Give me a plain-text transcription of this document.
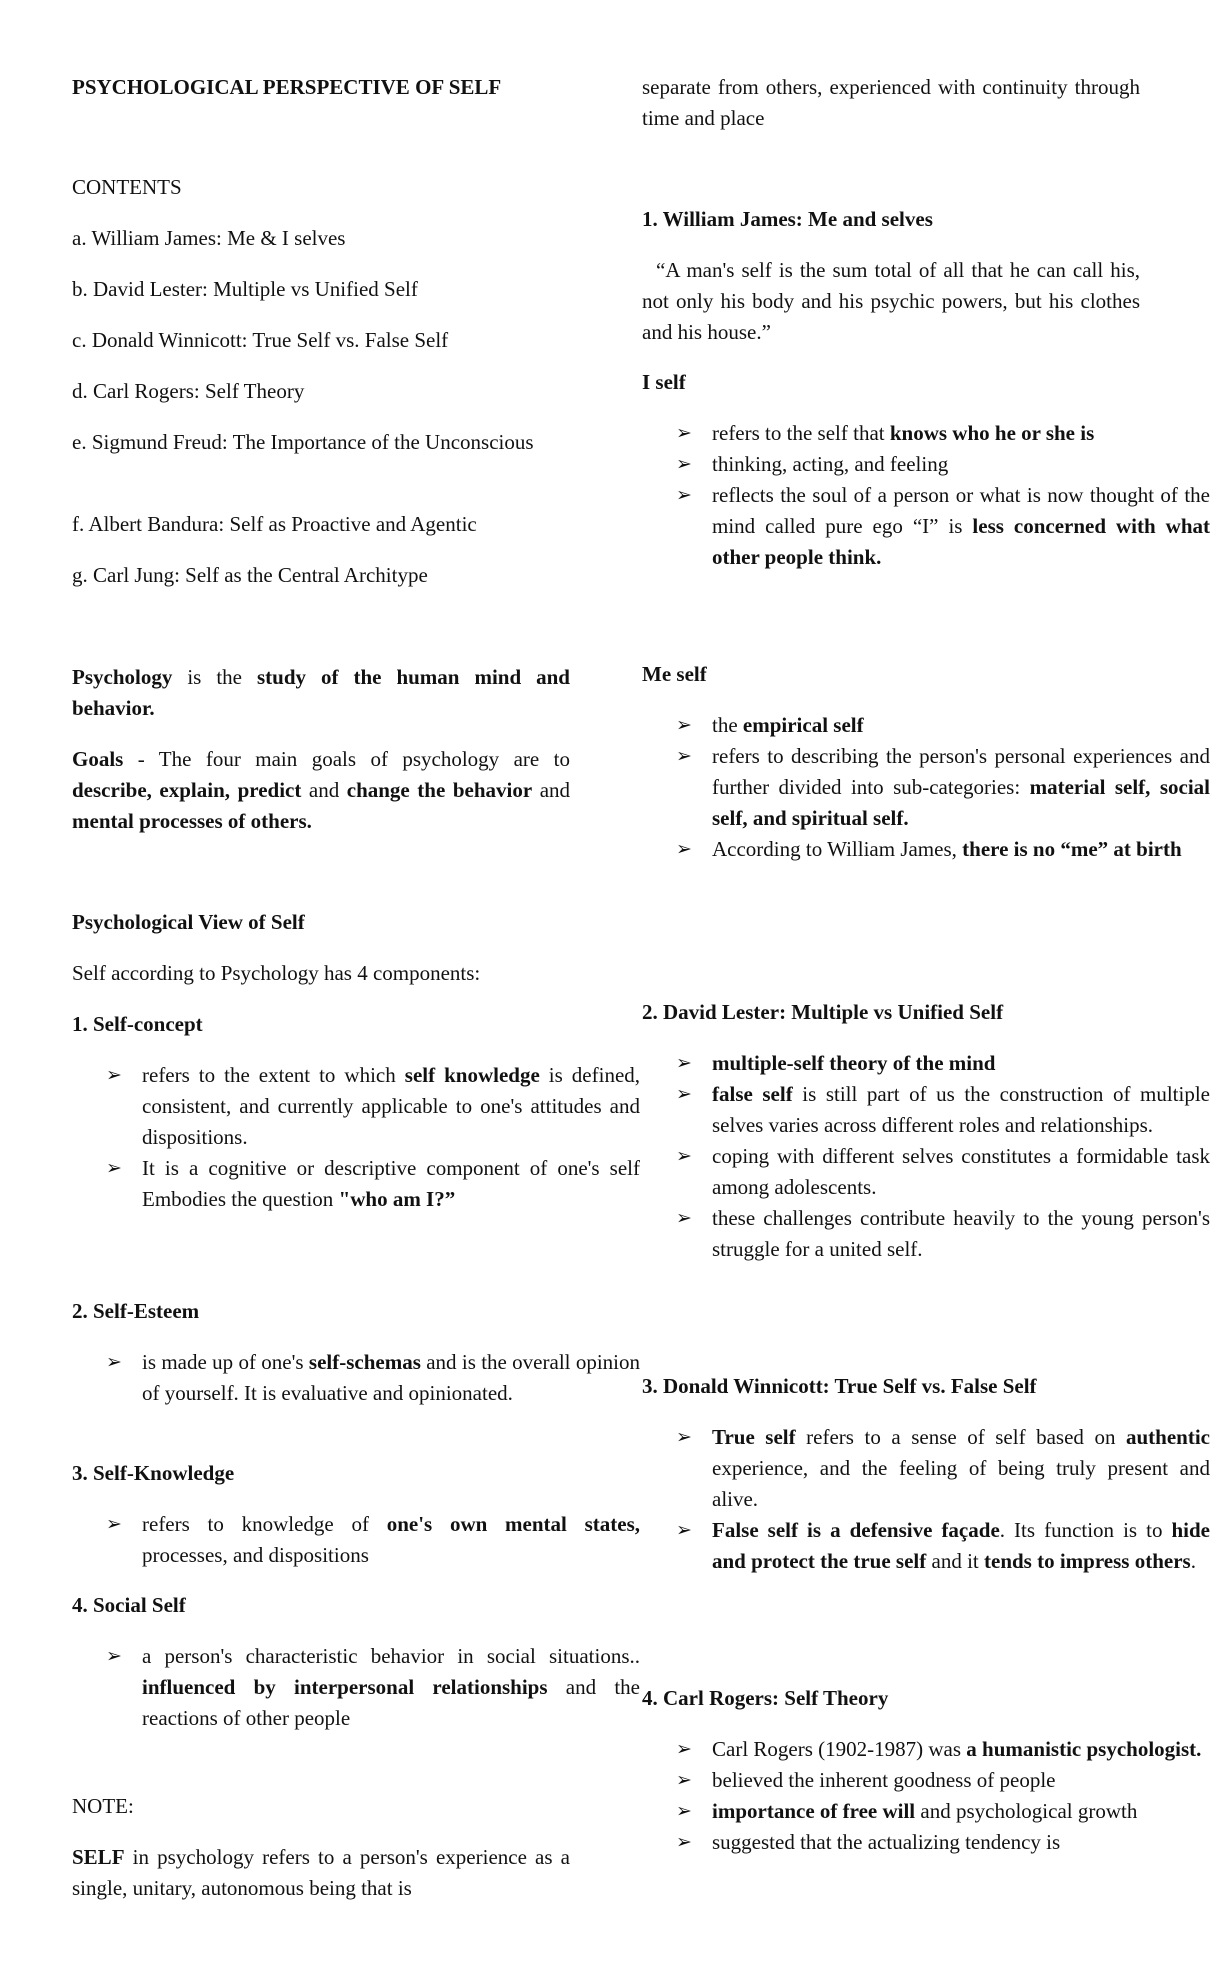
PSYCHOLOGICAL PERSPECTIVE OF SELF

CONTENTS

a. William James: Me & I selves

b. David Lester: Multiple vs Unified Self

c. Donald Winnicott: True Self vs. False Self

d. Carl Rogers: Self Theory

e. Sigmund Freud: The Importance of the Unconscious

f. Albert Bandura: Self as Proactive and Agentic

g. Carl Jung: Self as the Central Architype

Psychology is the study of the human mind and behavior.

Goals - The four main goals of psychology are to describe, explain, predict and change the behavior and mental processes of others.

Psychological View of Self

Self according to Psychology has 4 components:

1. Self-concept

➢ refers to the extent to which self knowledge is defined, consistent, and currently applicable to one's attitudes and dispositions.
➢ It is a cognitive or descriptive component of one's self Embodies the question "who am I?”

2. Self-Esteem

➢ is made up of one's self-schemas and is the overall opinion of yourself. It is evaluative and opinionated.

3. Self-Knowledge

➢ refers to knowledge of one's own mental states, processes, and dispositions

4. Social Self

➢ a person's characteristic behavior in social situations.. influenced by interpersonal relationships and the reactions of other people

NOTE:

SELF in psychology refers to a person's experience as a single, unitary, autonomous being that is

separate from others, experienced with continuity through time and place

1. William James: Me and selves

“A man's self is the sum total of all that he can call his, not only his body and his psychic powers, but his clothes and his house.”

I self

➢ refers to the self that knows who he or she is
➢ thinking, acting, and feeling
➢ reflects the soul of a person or what is now thought of the mind called pure ego “I” is less concerned with what other people think.

Me self

➢ the empirical self
➢ refers to describing the person's personal experiences and further divided into sub-categories: material self, social self, and spiritual self.
➢ According to William James, there is no “me” at birth

2. David Lester: Multiple vs Unified Self

➢ multiple-self theory of the mind
➢ false self is still part of us the construction of multiple selves varies across different roles and relationships.
➢ coping with different selves constitutes a formidable task among adolescents.
➢ these challenges contribute heavily to the young person's struggle for a united self.

3. Donald Winnicott: True Self vs. False Self

➢ True self refers to a sense of self based on authentic experience, and the feeling of being truly present and alive.
➢ False self is a defensive façade. Its function is to hide and protect the true self and it tends to impress others.

4. Carl Rogers: Self Theory

➢ Carl Rogers (1902-1987) was a humanistic psychologist.
➢ believed the inherent goodness of people
➢ importance of free will and psychological growth
➢ suggested that the actualizing tendency is
